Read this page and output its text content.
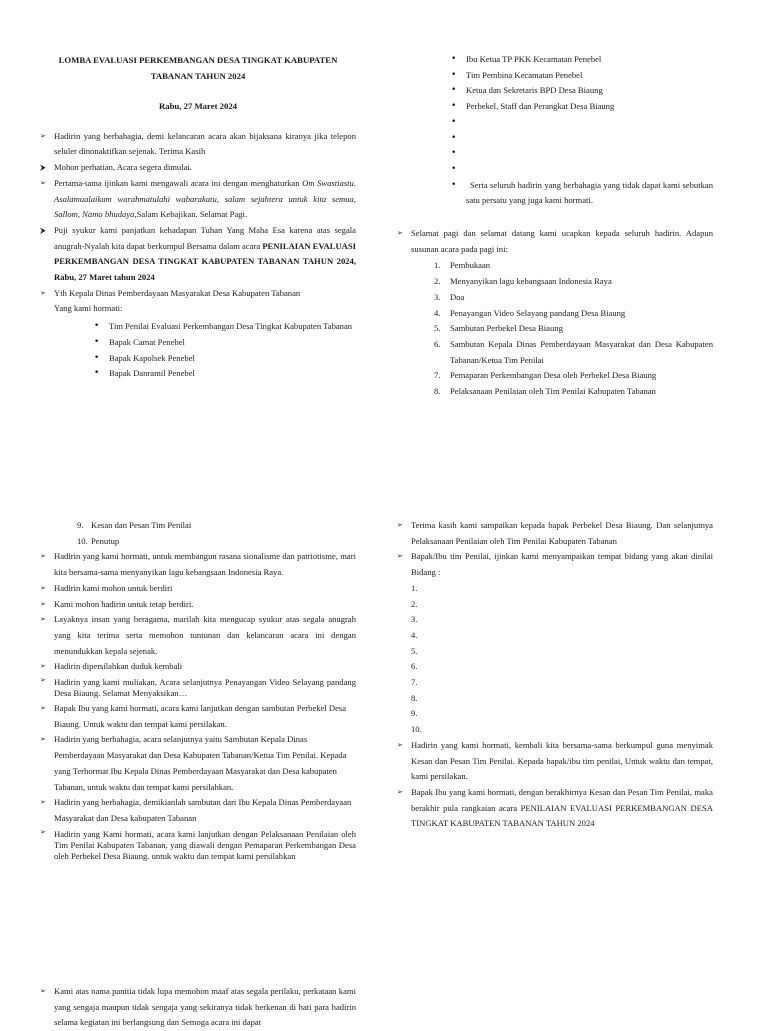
LOMBA EVALUASI PERKEMBANGAN DESA TINGKAT KABUPATEN

TABANAN TAHUN 2024

Rabu, 27 Maret 2024

➢ Hadirin yang berbahagia, demi kelancaran acara akan bijaksana kiranya jika telepon seluler dinonaktifkan sejenak. Terima Kasih
⮞ Mohon perhatian, Acara segera dimulai.
➢ Pertama-tama ijinkan kami mengawali acara ini dengan menghaturkan Om Swastiastu. Asalamualaikum warahmatulahi wabarakatu, salam sejahtera untuk kita semua, Sallom, Namo bhudaya,Salam Kebajikan. Selamat Pagi.
⮞ Puji syukur kami panjatkan kehadapan Tuhan Yang Maha Esa karena atas segala anugrah-Nyalah kita dapat berkumpul Bersama dalam acara PENILAIAN EVALUASI PERKEMBANGAN DESA TINGKAT KABUPATEN TABANAN TAHUN 2024, Rabu, 27 Maret tahun 2024
➢ Yth Kepala Dinas Pemberdayaan Masyarakat Desa Kabupaten Tabanan

Yang kami hormati:

• Tim Penilai Evaluasi Perkembangan Desa Tingkat Kabupaten Tabanan
• Bapak Camat Penebel
• Bapak Kapolsek Penebel
• Bapak Danramil Penebel
• Ibu Ketua TP PKK Kecamatan Penebel
• Tim Pembina Kecamatan Penebel
• Ketua dan Sekretaris BPD Desa Biaung
• Perbekel, Staff dan Perangkat Desa Biaung
•
•
•
•
• Serta seluruh hadirin yang berbahagia yang tidak dapat kami sebutkan satu persatu yang juga kami hormati.
➢ Selamat pagi dan selamat datang kami ucapkan kepada seluruh hadirin. Adapun susunan acara pada pagi ini:
1. Pembukaan
2. Menyanyikan lagu kebangsaan Indonesia Raya
3. Doa
4. Penayangan Video Selayang pandang Desa Biaung
5. Sambutan Perbekel Desa Biaung
6. Sambutan Kepala Dinas Pemberdayaan Masyarakat dan Desa Kabupaten Tabanan/Ketua Tim Penilai
7. Pemaparan Perkembangan Desa oleh Perbekel Desa Biaung
8. Pelaksanaan Penilaian oleh Tim Penilai Kabupaten Tabanan
9. Kesan dan Pesan Tim Penilai
10. Penutup
➢ Hadirin yang kami hormati, untuk membangun rasana sionalisme dan patriotisme, mari kita bersama-sama menyanyikan lagu kebangsaan Indonesia Raya.
➢ Hadirin kami mohon untuk berdiri
➢ Kami mohon hadirin untuk tetap berdiri.
➢ Layaknya insan yang beragama, marilah kita mengucap syukur atas segala anugrah yang kita terima serta memohon tuntunan dan kelancaran acara ini dengan menundukkan kepala sejenak.
➢ Hadirin dipersilahkan duduk kembali
➢ Hadirin yang kami muliakan, Acara selanjutnya Penayangan Video Selayang pandang Desa Biaung. Selamat Menyaksikan…
➢ Bapak Ibu yang kami hormati, acara kami lanjutkan dengan sambutan Perbekel Desa Biaung. Untuk waktu dan tempat kami persilakan.
➢ Hadirin yang berbahagia, acara selanjutnya yaitu Sambutan Kepala Dinas Pemberdayaan Masyarakat dan Desa Kabupaten Tabanan/Ketua Tim Penilai. Kepada yang Terhormat Ibu Kepala Dinas Pemberdayaan Masyarakat dan Desa kabupaten Tabanan, untuk waktu dan tempat kami persilahkan.
➢ Hadirin yang berbahagia, demikianlah sambutan dari Ibu Kepala Dinas Pemberdayaan Masyarakat dan Desa kabupaten Tabanan
➢ Hadirin yang Kami hormati, acara kami lanjutkan dengan Pelaksanaan Penilaian oleh Tim Penilai Kabupaten Tabanan, yang diawali dengan Pemaparan Perkembangan Desa oleh Perbekel Desa Biaung. untuk waktu dan tempat kami persilahkan
➢ Terima kasih kami sampaikan kepada bapak Perbekel Desa Biaung. Dan selanjutnya Pelaksanaan Penilaian oleh Tim Penilai Kabupaten Tabanan
➢ Bapak/Ibu tim Penilai, ijinkan kami menyampaikan tempat bidang yang akan dinilai Bidang :
1.
2.
3.
4.
5.
6.
7.
8.
9.
10.
➢ Hadirin yang kami hormati, kembali kita bersama-sama berkumpul guna menyimak Kesan dan Pesan Tim Penilai. Kepada bapak/ibu tim penilai, Untuk waktu dan tempat, kami persilakan.
➢ Bapak Ibu yang kami hormati, dengan berakhirnya Kesan dan Pesan Tim Penilai, maka berakhir pula rangkaian acara PENILAIAN EVALUASI PERKEMBANGAN DESA TINGKAT KABUPATEN TABANAN TAHUN 2024
➢ Kami atas nama panitia tidak lupa memohon maaf atas segala perilaku, perkataan kami yang sengaja maupun tidak sengaja yang sekiranya tidak berkenan di hati para hadirin selama kegiatan ini berlangsung dan Semoga acara ini dapat
